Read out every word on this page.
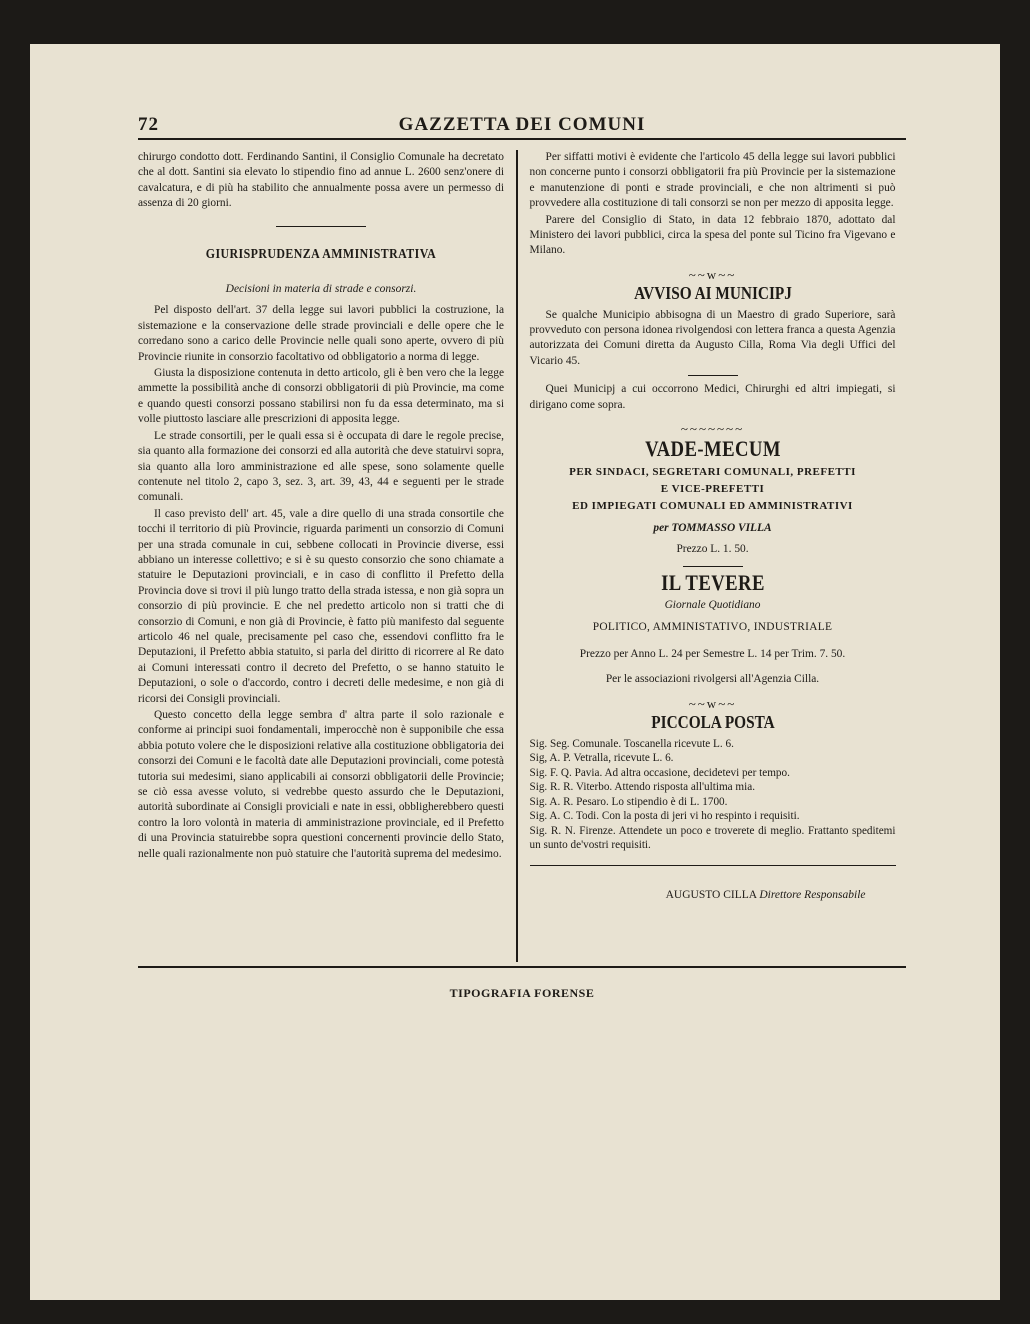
72	GAZZETTA DEI COMUNI

chirurgo condotto dott. Ferdinando Santini, il Consiglio Comunale ha decretato che al dott. Santini sia elevato lo stipendio fino ad annue L. 2600 senz'onere di cavalcatura, e di più ha stabilito che annualmente possa avere un permesso di assenza di 20 giorni.

GIURISPRUDENZA AMMINISTRATIVA
Decisioni in materia di strade e consorzi.

Pel disposto dell'art. 37 della legge sui lavori pubblici la costruzione, la sistemazione e la conservazione delle strade provinciali e delle opere che le corredano sono a carico delle Provincie nelle quali sono aperte, ovvero di più Provincie riunite in consorzio facoltativo od obbligatorio a norma di legge.

Giusta la disposizione contenuta in detto articolo, gli è ben vero che la legge ammette la possibilità anche di consorzi obbligatorii di più Provincie, ma come e quando questi consorzi possano stabilirsi non fu da essa determinato, ma si volle piuttosto lasciare alle prescrizioni di apposita legge.

Le strade consortili, per le quali essa si è occupata di dare le regole precise, sia quanto alla formazione dei consorzi ed alla autorità che deve statuirvi sopra, sia quanto alla loro amministrazione ed alle spese, sono solamente quelle contenute nel titolo 2, capo 3, sez. 3, art. 39, 43, 44 e seguenti per le strade comunali.

Il caso previsto dell' art. 45, vale a dire quello di una strada consortile che tocchi il territorio di più Provincie, riguarda parimenti un consorzio di Comuni per una strada comunale in cui, sebbene collocati in Provincie diverse, essi abbiano un interesse collettivo; e si è su questo consorzio che sono chiamate a statuire le Deputazioni provinciali, e in caso di conflitto il Prefetto della Provincia dove si trovi il più lungo tratto della strada istessa, e non già sopra un consorzio di più provincie. E che nel predetto articolo non si tratti che di consorzio di Comuni, e non già di Provincie, è fatto più manifesto dal seguente articolo 46 nel quale, precisamente pel caso che, essendovi conflitto fra le Deputazioni, il Prefetto abbia statuito, si parla del diritto di ricorrere al Re dato ai Comuni interessati contro il decreto del Prefetto, o se hanno statuito le Deputazioni, o sole o d'accordo, contro i decreti delle medesime, e non già di ricorsi dei Consigli provinciali.

Questo concetto della legge sembra d' altra parte il solo razionale e conforme ai principi suoi fondamentali, imperocchè non è supponibile che essa abbia potuto volere che le disposizioni relative alla costituzione obbligatoria dei consorzi dei Comuni e le facoltà date alle Deputazioni provinciali, come potestà tutoria sui medesimi, siano applicabili ai consorzi obbligatorii delle Provincie; se ciò essa avesse voluto, si vedrebbe questo assurdo che le Deputazioni, autorità subordinate ai Consigli proviciali e nate in essi, obbligherebbero questi contro la loro volontà in materia di amministrazione provinciale, ed il Prefetto di una Provincia statuirebbe sopra questioni concernenti provincie dello Stato, nelle quali razionalmente non può statuire che l'autorità suprema del medesimo.

Per siffatti motivi è evidente che l'articolo 45 della legge sui lavori pubblici non concerne punto i consorzi obbligatorii fra più Provincie per la sistemazione e manutenzione di ponti e strade provinciali, e che non altrimenti si può provvedere alla costituzione di tali consorzi se non per mezzo di apposita legge.

Parere del Consiglio di Stato, in data 12 febbraio 1870, adottato dal Ministero dei lavori pubblici, circa la spesa del ponte sul Ticino fra Vigevano e Milano.

~~w~~
AVVISO AI MUNICIPJ

Se qualche Municipio abbisogna di un Maestro di grado Superiore, sarà provveduto con persona idonea rivolgendosi con lettera franca a questa Agenzia autorizzata dei Comuni diretta da Augusto Cilla, Roma Via degli Uffici del Vicario 45.

Quei Municipj a cui occorrono Medici, Chirurghi ed altri impiegati, si dirigano come sopra.

~~~~~~~
VADE-MECUM
PER SINDACI, SEGRETARI COMUNALI, PREFETTI
E VICE-PREFETTI
ED IMPIEGATI COMUNALI ED AMMINISTRATIVI
per TOMMASSO VILLA
Prezzo L. 1. 50.
IL TEVERE
Giornale Quotidiano
POLITICO, AMMINISTATIVO, INDUSTRIALE
Prezzo per Anno L. 24 per Semestre L. 14 per Trim. 7. 50.
Per le associazioni rivolgersi all'Agenzia Cilla.
~~w~~
PICCOLA POSTA
Sig. Seg. Comunale. Toscanella ricevute L. 6.
Sig, A. P. Vetralla, ricevute L. 6.
Sig. F. Q. Pavia. Ad altra occasione, decidetevi per tempo.
Sig. R. R. Viterbo. Attendo risposta all'ultima mia.
Sig. A. R. Pesaro. Lo stipendio è di L. 1700.
Sig. A. C. Todi. Con la posta di jeri vi ho respinto i requisiti.
Sig. R. N. Firenze. Attendete un poco e troverete di meglio. Frattanto speditemi un sunto de'vostri requisiti.
AUGUSTO CILLA Direttore Responsabile
TIPOGRAFIA FORENSE
